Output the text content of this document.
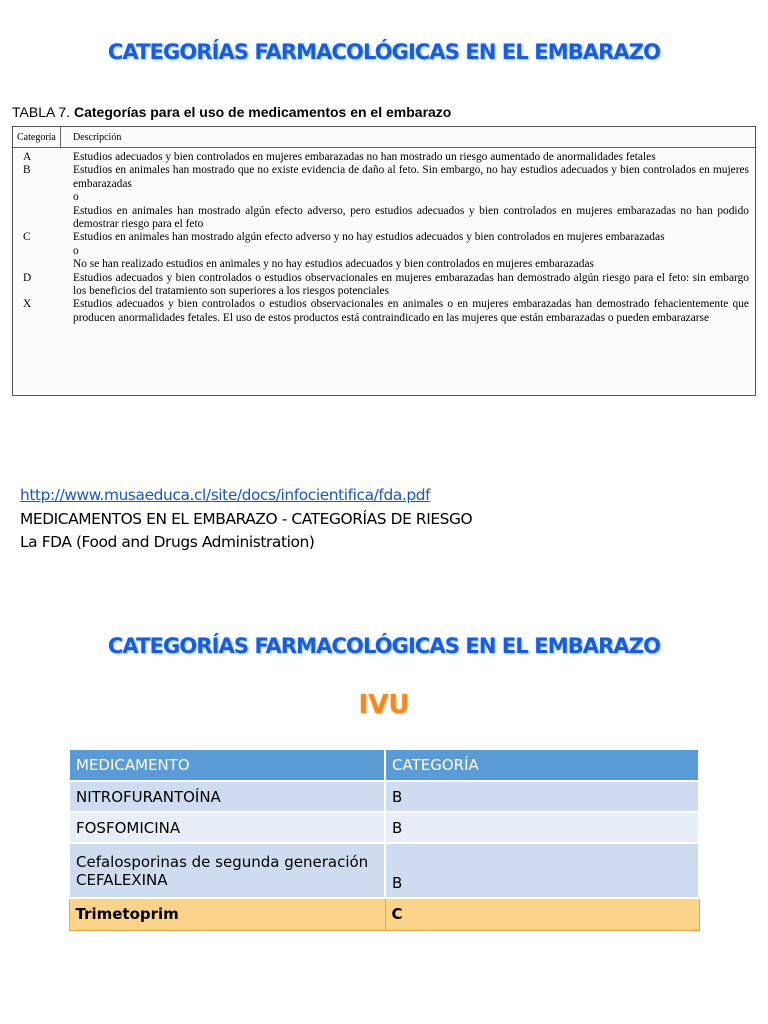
CATEGORÍAS FARMACOLÓGICAS EN EL EMBARAZO
TABLA 7. Categorías para el uso de medicamentos en el embarazo
Categoría	Descripción
A	Estudios adecuados y bien controlados en mujeres embarazadas no han mostrado un riesgo aumentado de anormalidades fetales

B	Estudios en animales han mostrado que no existe evidencia de daño al feto. Sin embargo, no hay estudios adecuados y bien controlados en mujeres embarazadas

o

Estudios en animales han mostrado algún efecto adverso, pero estudios adecuados y bien controlados en mujeres embarazadas no han podido demostrar riesgo para el feto

C	Estudios en animales han mostrado algún efecto adverso y no hay estudios adecuados y bien controlados en mujeres embarazadas

o

No se han realizado estudios en animales y no hay estudios adecuados y bien controlados en mujeres embarazadas

D	Estudios adecuados y bien controlados o estudios observacionales en mujeres embarazadas han demostrado algún riesgo para el feto: sin embargo los beneficios del tratamiento son superiores a los riesgos potenciales

X	Estudios adecuados y bien controlados o estudios observacionales en animales o en mujeres embarazadas han demostrado fehacientemente que producen anormalidades fetales. El uso de estos productos está contraindicado en las mujeres que están embarazadas o pueden embarazarse

http://www.musaeduca.cl/site/docs/infocientifica/fda.pdf
MEDICAMENTOS EN EL EMBARAZO - CATEGORÍAS DE RIESGO
La FDA (Food and Drugs Administration)
CATEGORÍAS FARMACOLÓGICAS EN EL EMBARAZO
IVU
MEDICAMENTO	CATEGORÍA
NITROFURANTOÍNA	B
FOSFOMICINA	B

Cefalosporinas de segunda generación
CEFALEXINA	B
Trimetoprim	C
